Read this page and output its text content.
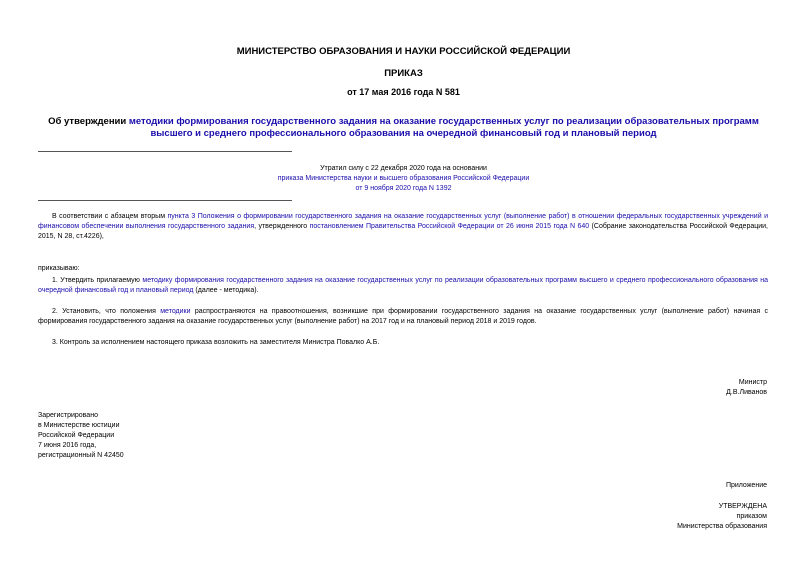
МИНИСТЕРСТВО ОБРАЗОВАНИЯ И НАУКИ РОССИЙСКОЙ ФЕДЕРАЦИИ
ПРИКАЗ
от 17 мая 2016 года N 581
Об утверждении методики формирования государственного задания на оказание государственных услуг по реализации образовательных программ высшего и среднего профессионального образования на очередной финансовый год и плановый период
Утратил силу с 22 декабря 2020 года на основании
приказа Министерства науки и высшего образования Российской Федерации
от 9 ноября 2020 года N 1392
В соответствии с абзацем вторым пункта 3 Положения о формировании государственного задания на оказание государственных услуг (выполнение работ) в отношении федеральных государственных учреждений и финансовом обеспечении выполнения государственного задания, утвержденного постановлением Правительства Российской Федерации от 26 июня 2015 года N 640 (Собрание законодательства Российской Федерации, 2015, N 28, ст.4226),
приказываю:
1. Утвердить прилагаемую методику формирования государственного задания на оказание государственных услуг по реализации образовательных программ высшего и среднего профессионального образования на очередной финансовый год и плановый период (далее - методика).
2. Установить, что положения методики распространяются на правоотношения, возникшие при формировании государственного задания на оказание государственных услуг (выполнение работ) начиная с формирования государственного задания на оказание государственных услуг (выполнение работ) на 2017 год и на плановый период 2018 и 2019 годов.
3. Контроль за исполнением настоящего приказа возложить на заместителя Министра Повалко А.Б.
Министр
Д.В.Ливанов
Зарегистрировано
в Министерстве юстиции
Российской Федерации
7 июня 2016 года,
регистрационный N 42450
Приложение
УТВЕРЖДЕНА
приказом
Министерства образования
